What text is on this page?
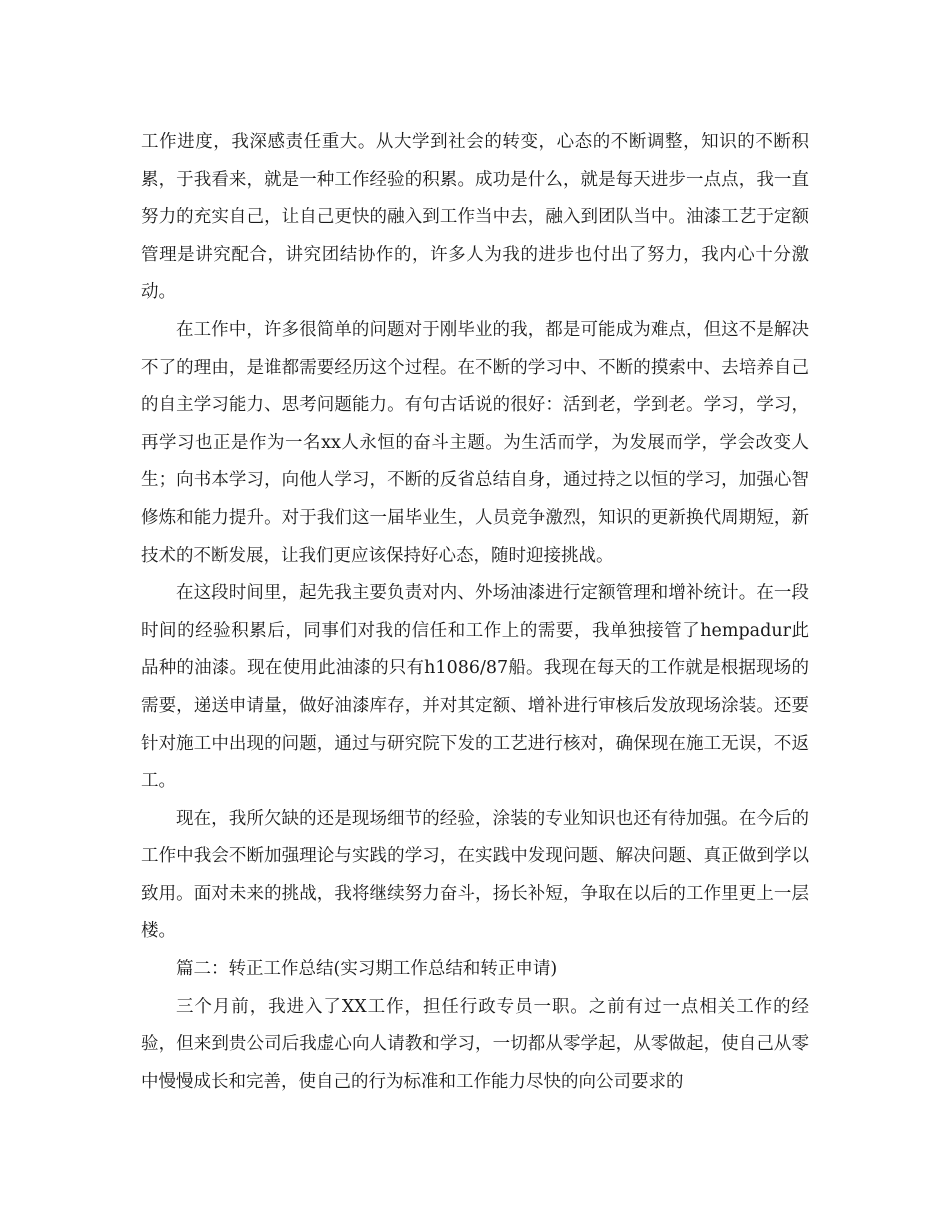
工作进度，我深感责任重大。从大学到社会的转变，心态的不断调整，知识的不断积累，于我看来，就是一种工作经验的积累。成功是什么，就是每天进步一点点，我一直努力的充实自己，让自己更快的融入到工作当中去，融入到团队当中。油漆工艺于定额管理是讲究配合，讲究团结协作的，许多人为我的进步也付出了努力，我内心十分激动。

在工作中，许多很简单的问题对于刚毕业的我，都是可能成为难点，但这不是解决不了的理由，是谁都需要经历这个过程。在不断的学习中、不断的摸索中、去培养自己的自主学习能力、思考问题能力。有句古话说的很好：活到老，学到老。学习，学习，再学习也正是作为一名xx人永恒的奋斗主题。为生活而学，为发展而学，学会改变人生；向书本学习，向他人学习，不断的反省总结自身，通过持之以恒的学习，加强心智修炼和能力提升。对于我们这一届毕业生，人员竞争激烈，知识的更新换代周期短，新技术的不断发展，让我们更应该保持好心态，随时迎接挑战。

在这段时间里，起先我主要负责对内、外场油漆进行定额管理和增补统计。在一段时间的经验积累后，同事们对我的信任和工作上的需要，我单独接管了hempadur此品种的油漆。现在使用此油漆的只有h1086/87船。我现在每天的工作就是根据现场的需要，递送申请量，做好油漆库存，并对其定额、增补进行审核后发放现场涂装。还要针对施工中出现的问题，通过与研究院下发的工艺进行核对，确保现在施工无误，不返工。

现在，我所欠缺的还是现场细节的经验，涂装的专业知识也还有待加强。在今后的工作中我会不断加强理论与实践的学习，在实践中发现问题、解决问题、真正做到学以致用。面对未来的挑战，我将继续努力奋斗，扬长补短，争取在以后的工作里更上一层楼。

篇二：转正工作总结(实习期工作总结和转正申请)

三个月前，我进入了XX工作，担任行政专员一职。之前有过一点相关工作的经验，但来到贵公司后我虚心向人请教和学习，一切都从零学起，从零做起，使自己从零中慢慢成长和完善，使自己的行为标准和工作能力尽快的向公司要求的
